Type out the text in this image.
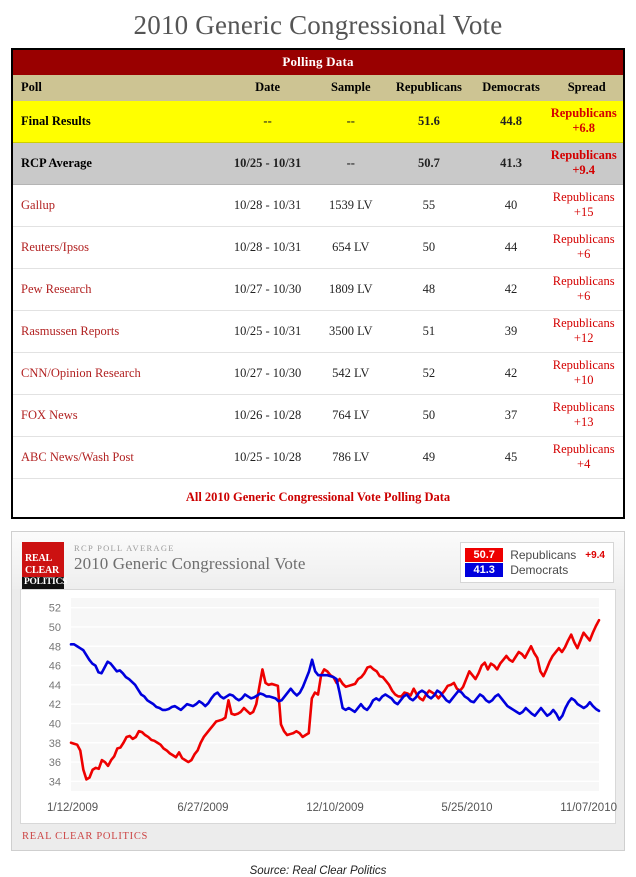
2010 Generic Congressional Vote
Polling Data					
Poll	Date	Sample	Republicans	Democrats	Spread
Final Results	--	--	51.6	44.8	Republicans +6.8
RCP Average	10/25 - 10/31	--	50.7	41.3	Republicans +9.4
Gallup	10/28 - 10/31	1539 LV	55	40	Republicans +15
Reuters/Ipsos	10/28 - 10/31	654 LV	50	44	Republicans +6
Pew Research	10/27 - 10/30	1809 LV	48	42	Republicans +6
Rasmussen Reports	10/25 - 10/31	3500 LV	51	39	Republicans +12
CNN/Opinion Research	10/27 - 10/30	542 LV	52	42	Republicans +10
FOX News	10/26 - 10/28	764 LV	50	37	Republicans +13
ABC News/Wash Post	10/25 - 10/28	786 LV	49	45	Republicans +4
All 2010 Generic Congressional Vote Polling Data					
REAL
CLEAR
POLITICS
RCP POLL AVERAGE
2010 Generic Congressional Vote	50.7	Republicans +9.4
41.3	Democrats
34
36
38
40
42
44
46
48
50
52
1/12/2009	6/27/2009	12/10/2009	5/25/2010	11/07/2010
REAL CLEAR POLITICS
Source: Real Clear Politics
